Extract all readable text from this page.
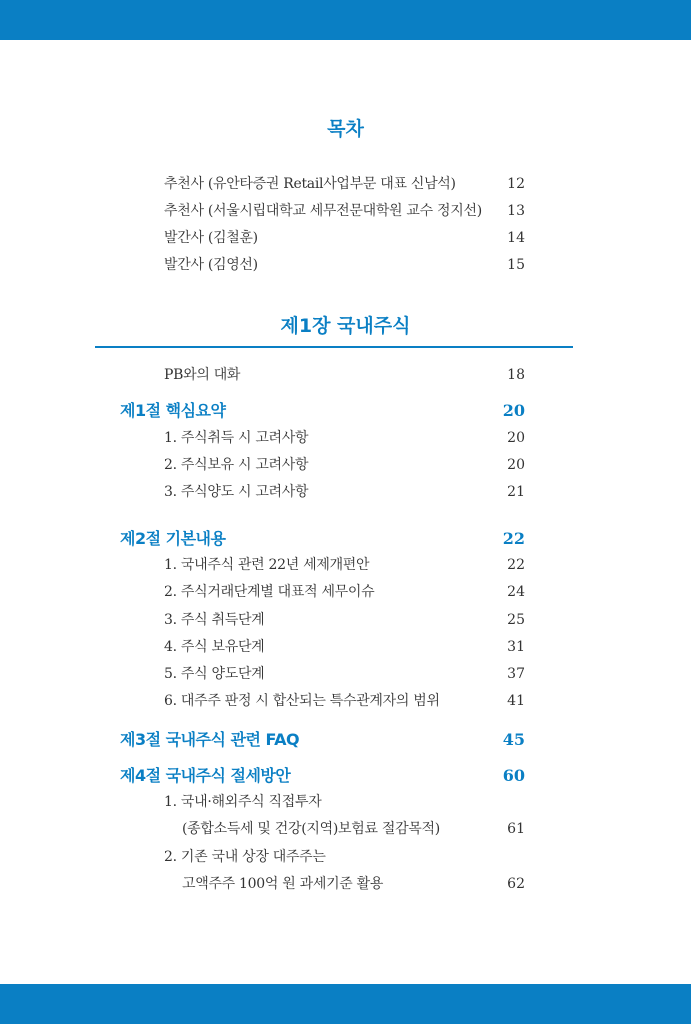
목차
추천사 (유안타증권 Retail사업부문 대표 신남석)	12
추천사 (서울시립대학교 세무전문대학원 교수 정지선) 13
발간사 (김철훈)	14
발간사 (김영선)	15
제1장 국내주식
PB와의 대화	18
제1절 핵심요약	20
1. 주식취득 시 고려사항	20
2. 주식보유 시 고려사항	20
3. 주식양도 시 고려사항	21
제2절 기본내용	22
1. 국내주식 관련 22년 세제개편안	22
2. 주식거래단계별 대표적 세무이슈	24
3. 주식 취득단계	25
4. 주식 보유단계	31
5. 주식 양도단계	37
6. 대주주 판정 시 합산되는 특수관계자의 범위	41
제3절 국내주식 관련 FAQ	45
제4절 국내주식 절세방안	60
1. 국내·해외주식 직접투자
(종합소득세 및 건강(지역)보험료 절감목적)	61
2. 기존 국내 상장 대주주는
고액주주 100억 원 과세기준 활용	62
